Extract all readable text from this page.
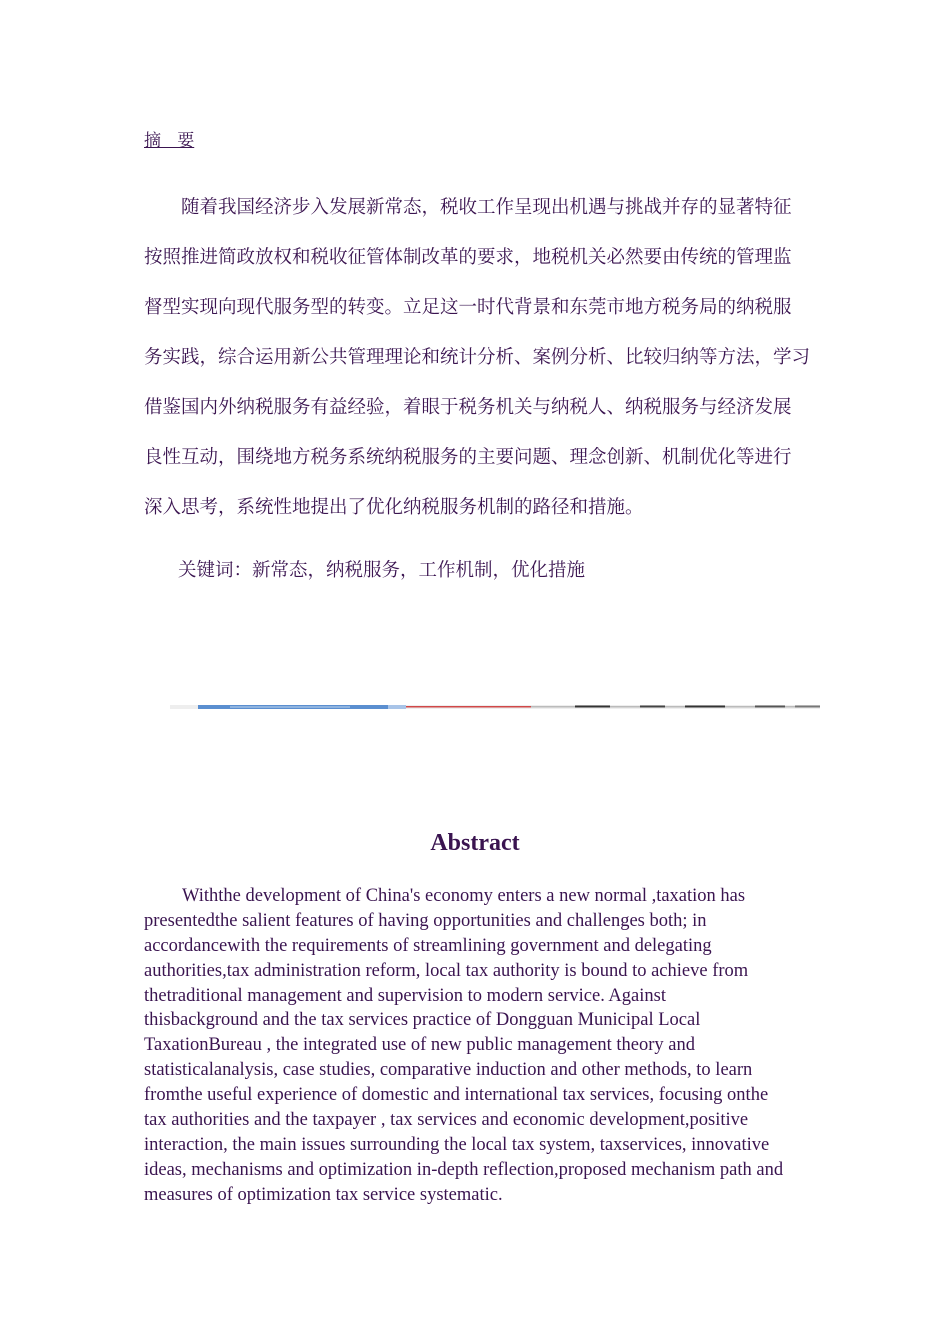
摘   要
随着我国经济步入发展新常态，税收工作呈现出机遇与挑战并存的显著特征
按照推进简政放权和税收征管体制改革的要求，地税机关必然要由传统的管理监
督型实现向现代服务型的转变。立足这一时代背景和东莞市地方税务局的纳税服
务实践，综合运用新公共管理理论和统计分析、案例分析、比较归纳等方法，学习
借鉴国内外纳税服务有益经验，着眼于税务机关与纳税人、纳税服务与经济发展
良性互动，围绕地方税务系统纳税服务的主要问题、理念创新、机制优化等进行
深入思考，系统性地提出了优化纳税服务机制的路径和措施。
关键词：新常态，纳税服务，工作机制，优化措施
Abstract
Withthe development of China's economy enters a new normal ,taxation has
presentedthe salient features of having opportunities and challenges both; in
accordancewith the requirements of streamlining government and delegating
authorities,tax administration reform, local tax authority is bound to achieve from
thetraditional management and supervision to modern service. Against
thisbackground and the tax services practice of Dongguan Municipal Local
TaxationBureau , the integrated use of new public management theory and
statisticalanalysis, case studies, comparative induction and other methods, to learn
fromthe useful experience of domestic and international tax services, focusing onthe
tax authorities and the taxpayer , tax services and economic development,positive
interaction, the main issues surrounding the local tax system, taxservices, innovative
ideas, mechanisms and optimization in-depth reflection,proposed mechanism path and
measures of optimization tax service systematic.
